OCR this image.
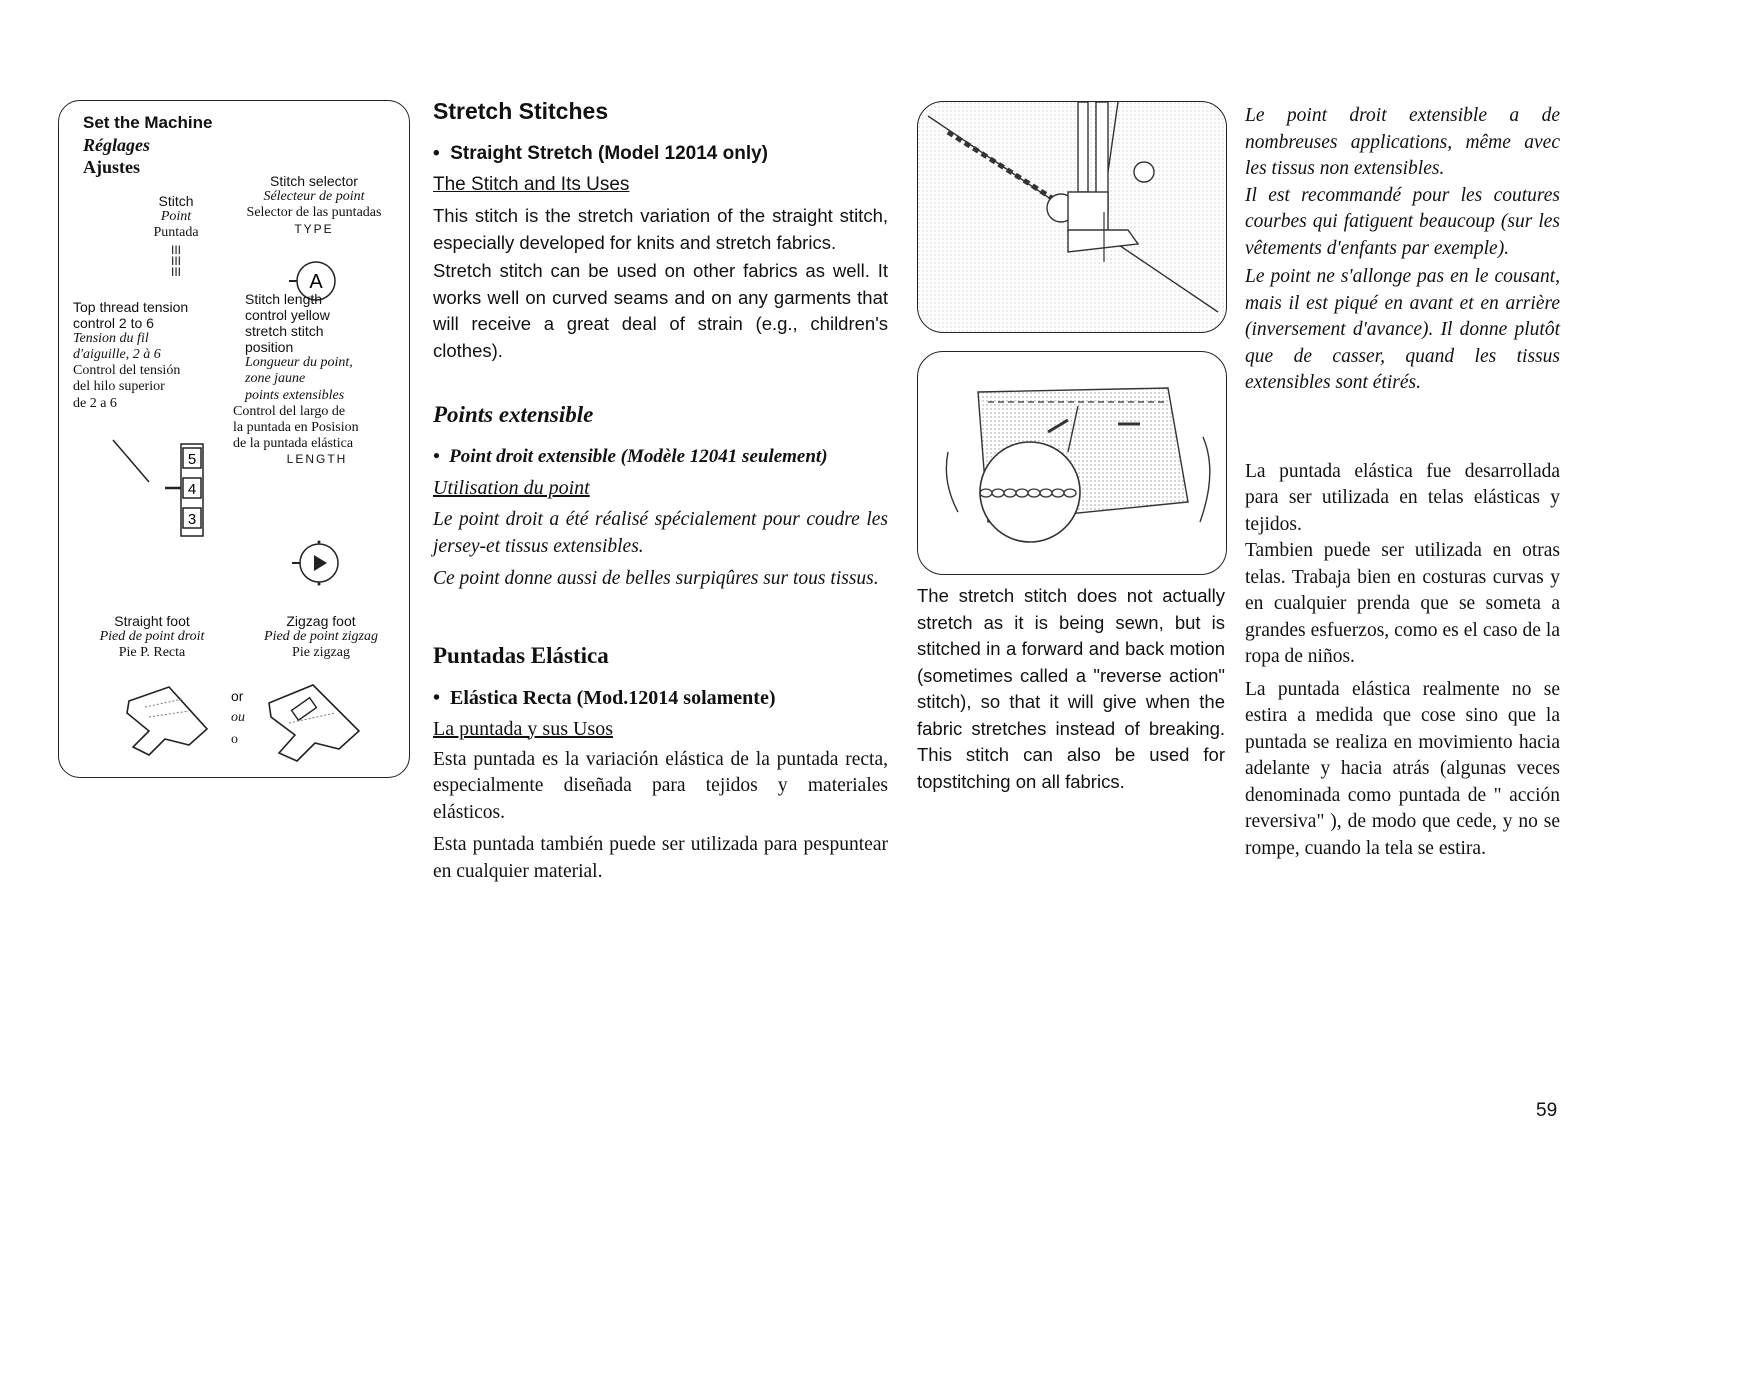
Set the Machine
Réglages
Ajustes
Stitch selector
Sélecteur de point
Selector de las puntadas
TYPE
Stitch
Point
Puntada
III
III
III	A
Top thread tension
control 2 to 6
Tension du fil
d'aiguille, 2 à 6
Control del tensión
del hilo superior
de 2 a 6
5
4
3
Stitch length
control yellow
stretch stitch
position
Longueur du point,
zone jaune
points extensibles
Control del largo de
la puntada en Posision
de la puntada elástica
LENGTH
Straight foot
Pied de point droit
Pie P. Recta
Zigzag foot
Pied de point zigzag
Pie zigzag
or
ou
o
Stretch Stitches
•  Straight Stretch (Model 12014 only)
The Stitch and Its Uses

This stitch is the stretch variation of the straight stitch, especially developed for knits and stretch fabrics.

Stretch stitch can be used on other fabrics as well. It works well on curved seams and on any garments that will receive a great deal of strain (e.g., children's clothes).

Points extensible
•  Point droit extensible (Modèle 12041 seulement)
Utilisation du point

Le point droit a été réalisé spécialement pour coudre les jersey-et tissus extensibles.

Ce point donne aussi de belles surpiqûres sur tous tissus.

Puntadas Elástica
•  Elástica Recta (Mod.12014 solamente)
La puntada y sus Usos

Esta puntada es la variación elástica de la puntada recta, especialmente diseñada para tejidos y materiales elásticos.

Esta puntada también puede ser utilizada para pespuntear en cualquier material.

The stretch stitch does not actually stretch as it is being sewn, but is stitched in a forward and back motion (sometimes called a "reverse action" stitch), so that it will give when the fabric stretches instead of breaking. This stitch can also be used for topstitching on all fabrics.

Le point droit extensible a de nombreuses applications, même avec les tissus non extensibles.

Il est recommandé pour les coutures courbes qui fatiguent beaucoup (sur les vêtements d'enfants par exemple).

Le point ne s'allonge pas en le cousant, mais il est piqué en avant et en arrière (inversement d'avance). Il donne plutôt que de casser, quand les tissus extensibles sont étirés.

La puntada elástica fue desarrollada para ser utilizada en telas elásticas y tejidos.

Tambien puede ser utilizada en otras telas. Trabaja bien en costuras curvas y en cualquier prenda que se someta a grandes esfuerzos, como es el caso de la ropa de niños.

La puntada elástica realmente no se estira a medida que cose sino que la puntada se realiza en movimiento hacia adelante y hacia atrás (algunas veces denominada como puntada de " acción reversiva" ), de modo que cede, y no se rompe, cuando la tela se estira.

59
